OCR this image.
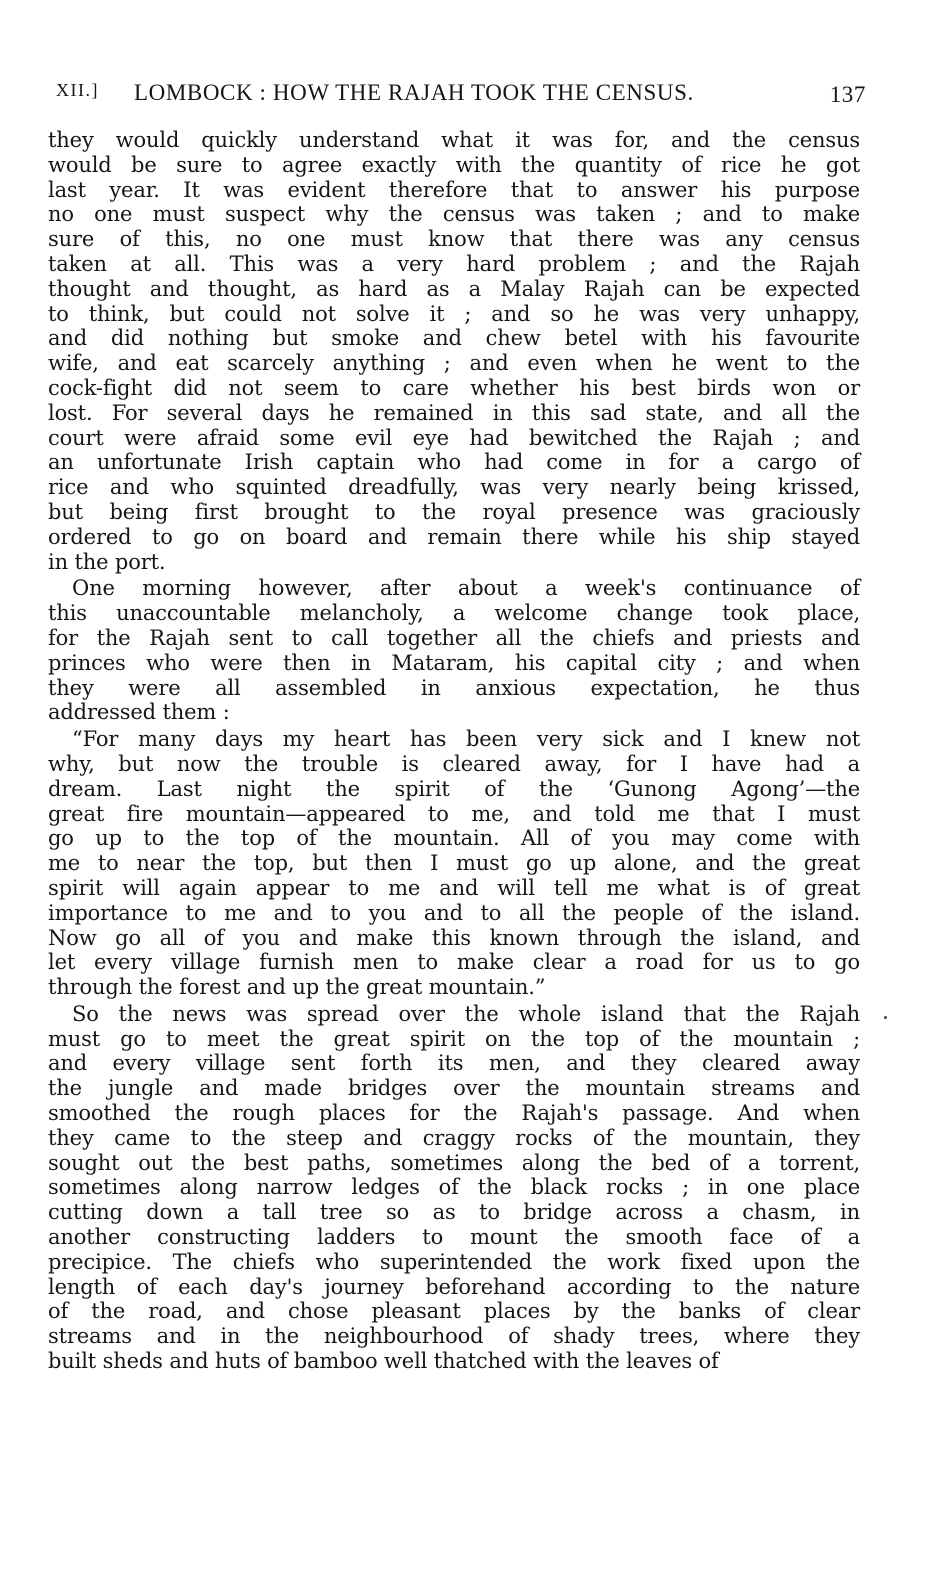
XII.] LOMBOCK : HOW THE RAJAH TOOK THE CENSUS.	137
they would quickly understand what it was for, and the census
would be sure to agree exactly with the quantity of rice he got
last year. It was evident therefore that to answer his purpose
no one must suspect why the census was taken ; and to make
sure of this, no one must know that there was any census
taken at all. This was a very hard problem ; and the Rajah
thought and thought, as hard as a Malay Rajah can be expected
to think, but could not solve it ; and so he was very unhappy,
and did nothing but smoke and chew betel with his favourite
wife, and eat scarcely anything ; and even when he went to the
cock-fight did not seem to care whether his best birds won or
lost. For several days he remained in this sad state, and all the
court were afraid some evil eye had bewitched the Rajah ; and
an unfortunate Irish captain who had come in for a cargo of
rice and who squinted dreadfully, was very nearly being krissed,
but being first brought to the royal presence was graciously
ordered to go on board and remain there while his ship stayed
in the port.
One morning however, after about a week's continuance of
this unaccountable melancholy, a welcome change took place,
for the Rajah sent to call together all the chiefs and priests and
princes who were then in Mataram, his capital city ; and when
they were all assembled in anxious expectation, he thus
addressed them :
“For many days my heart has been very sick and I knew not
why, but now the trouble is cleared away, for I have had a
dream. Last night the spirit of the ‘Gunong Agong’—the
great fire mountain—appeared to me, and told me that I must
go up to the top of the mountain. All of you may come with
me to near the top, but then I must go up alone, and the great
spirit will again appear to me and will tell me what is of great
importance to me and to you and to all the people of the island.
Now go all of you and make this known through the island, and
let every village furnish men to make clear a road for us to go
through the forest and up the great mountain.”
So the news was spread over the whole island that the Rajah
must go to meet the great spirit on the top of the mountain ;
and every village sent forth its men, and they cleared away
the jungle and made bridges over the mountain streams and
smoothed the rough places for the Rajah's passage. And when
they came to the steep and craggy rocks of the mountain, they
sought out the best paths, sometimes along the bed of a torrent,
sometimes along narrow ledges of the black rocks ; in one place
cutting down a tall tree so as to bridge across a chasm, in
another constructing ladders to mount the smooth face of a
precipice. The chiefs who superintended the work fixed upon the
length of each day's journey beforehand according to the nature
of the road, and chose pleasant places by the banks of clear
streams and in the neighbourhood of shady trees, where they
built sheds and huts of bamboo well thatched with the leaves of
